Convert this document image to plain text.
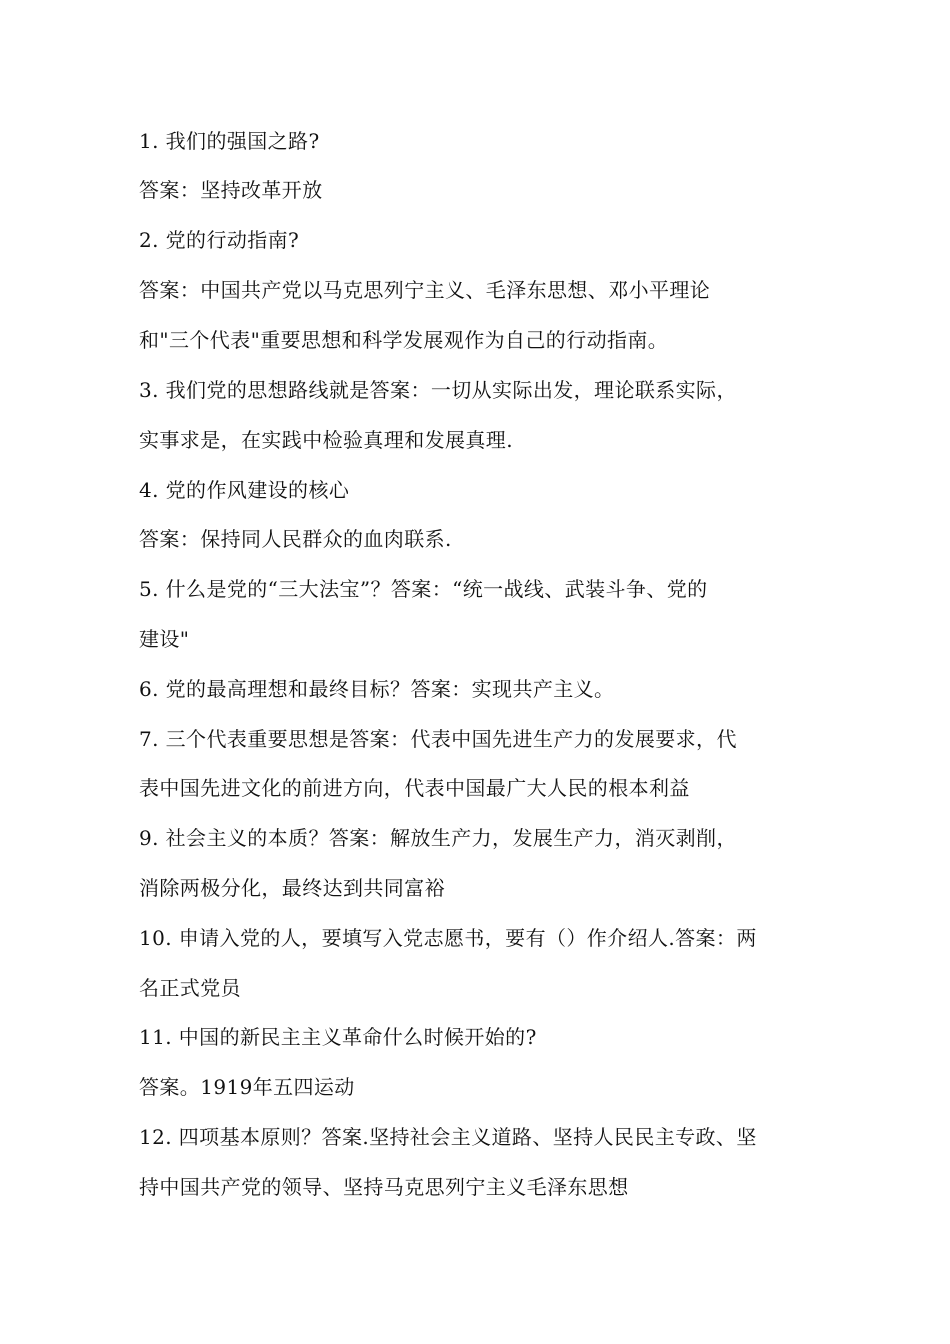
1. 我们的强国之路?
答案：坚持改革开放
2. 党的行动指南?
答案：中国共产党以马克思列宁主义、毛泽东思想、邓小平理论
和"三个代表"重要思想和科学发展观作为自己的行动指南。
3. 我们党的思想路线就是答案：一切从实际出发，理论联系实际，
实事求是，在实践中检验真理和发展真理.
4. 党的作风建设的核心
答案：保持同人民群众的血肉联系.
5. 什么是党的“三大法宝”？答案：“统一战线、武装斗争、党的
建设"
6. 党的最高理想和最终目标？答案：实现共产主义。
7. 三个代表重要思想是答案：代表中国先进生产力的发展要求，代
表中国先进文化的前进方向，代表中国最广大人民的根本利益
9. 社会主义的本质？答案：解放生产力，发展生产力，消灭剥削，
消除两极分化，最终达到共同富裕
10. 申请入党的人，要填写入党志愿书，要有（）作介绍人.答案：两
名正式党员
11. 中国的新民主主义革命什么时候开始的?
答案。1919年五四运动
12. 四项基本原则？答案.坚持社会主义道路、坚持人民民主专政、坚
持中国共产党的领导、坚持马克思列宁主义毛泽东思想
